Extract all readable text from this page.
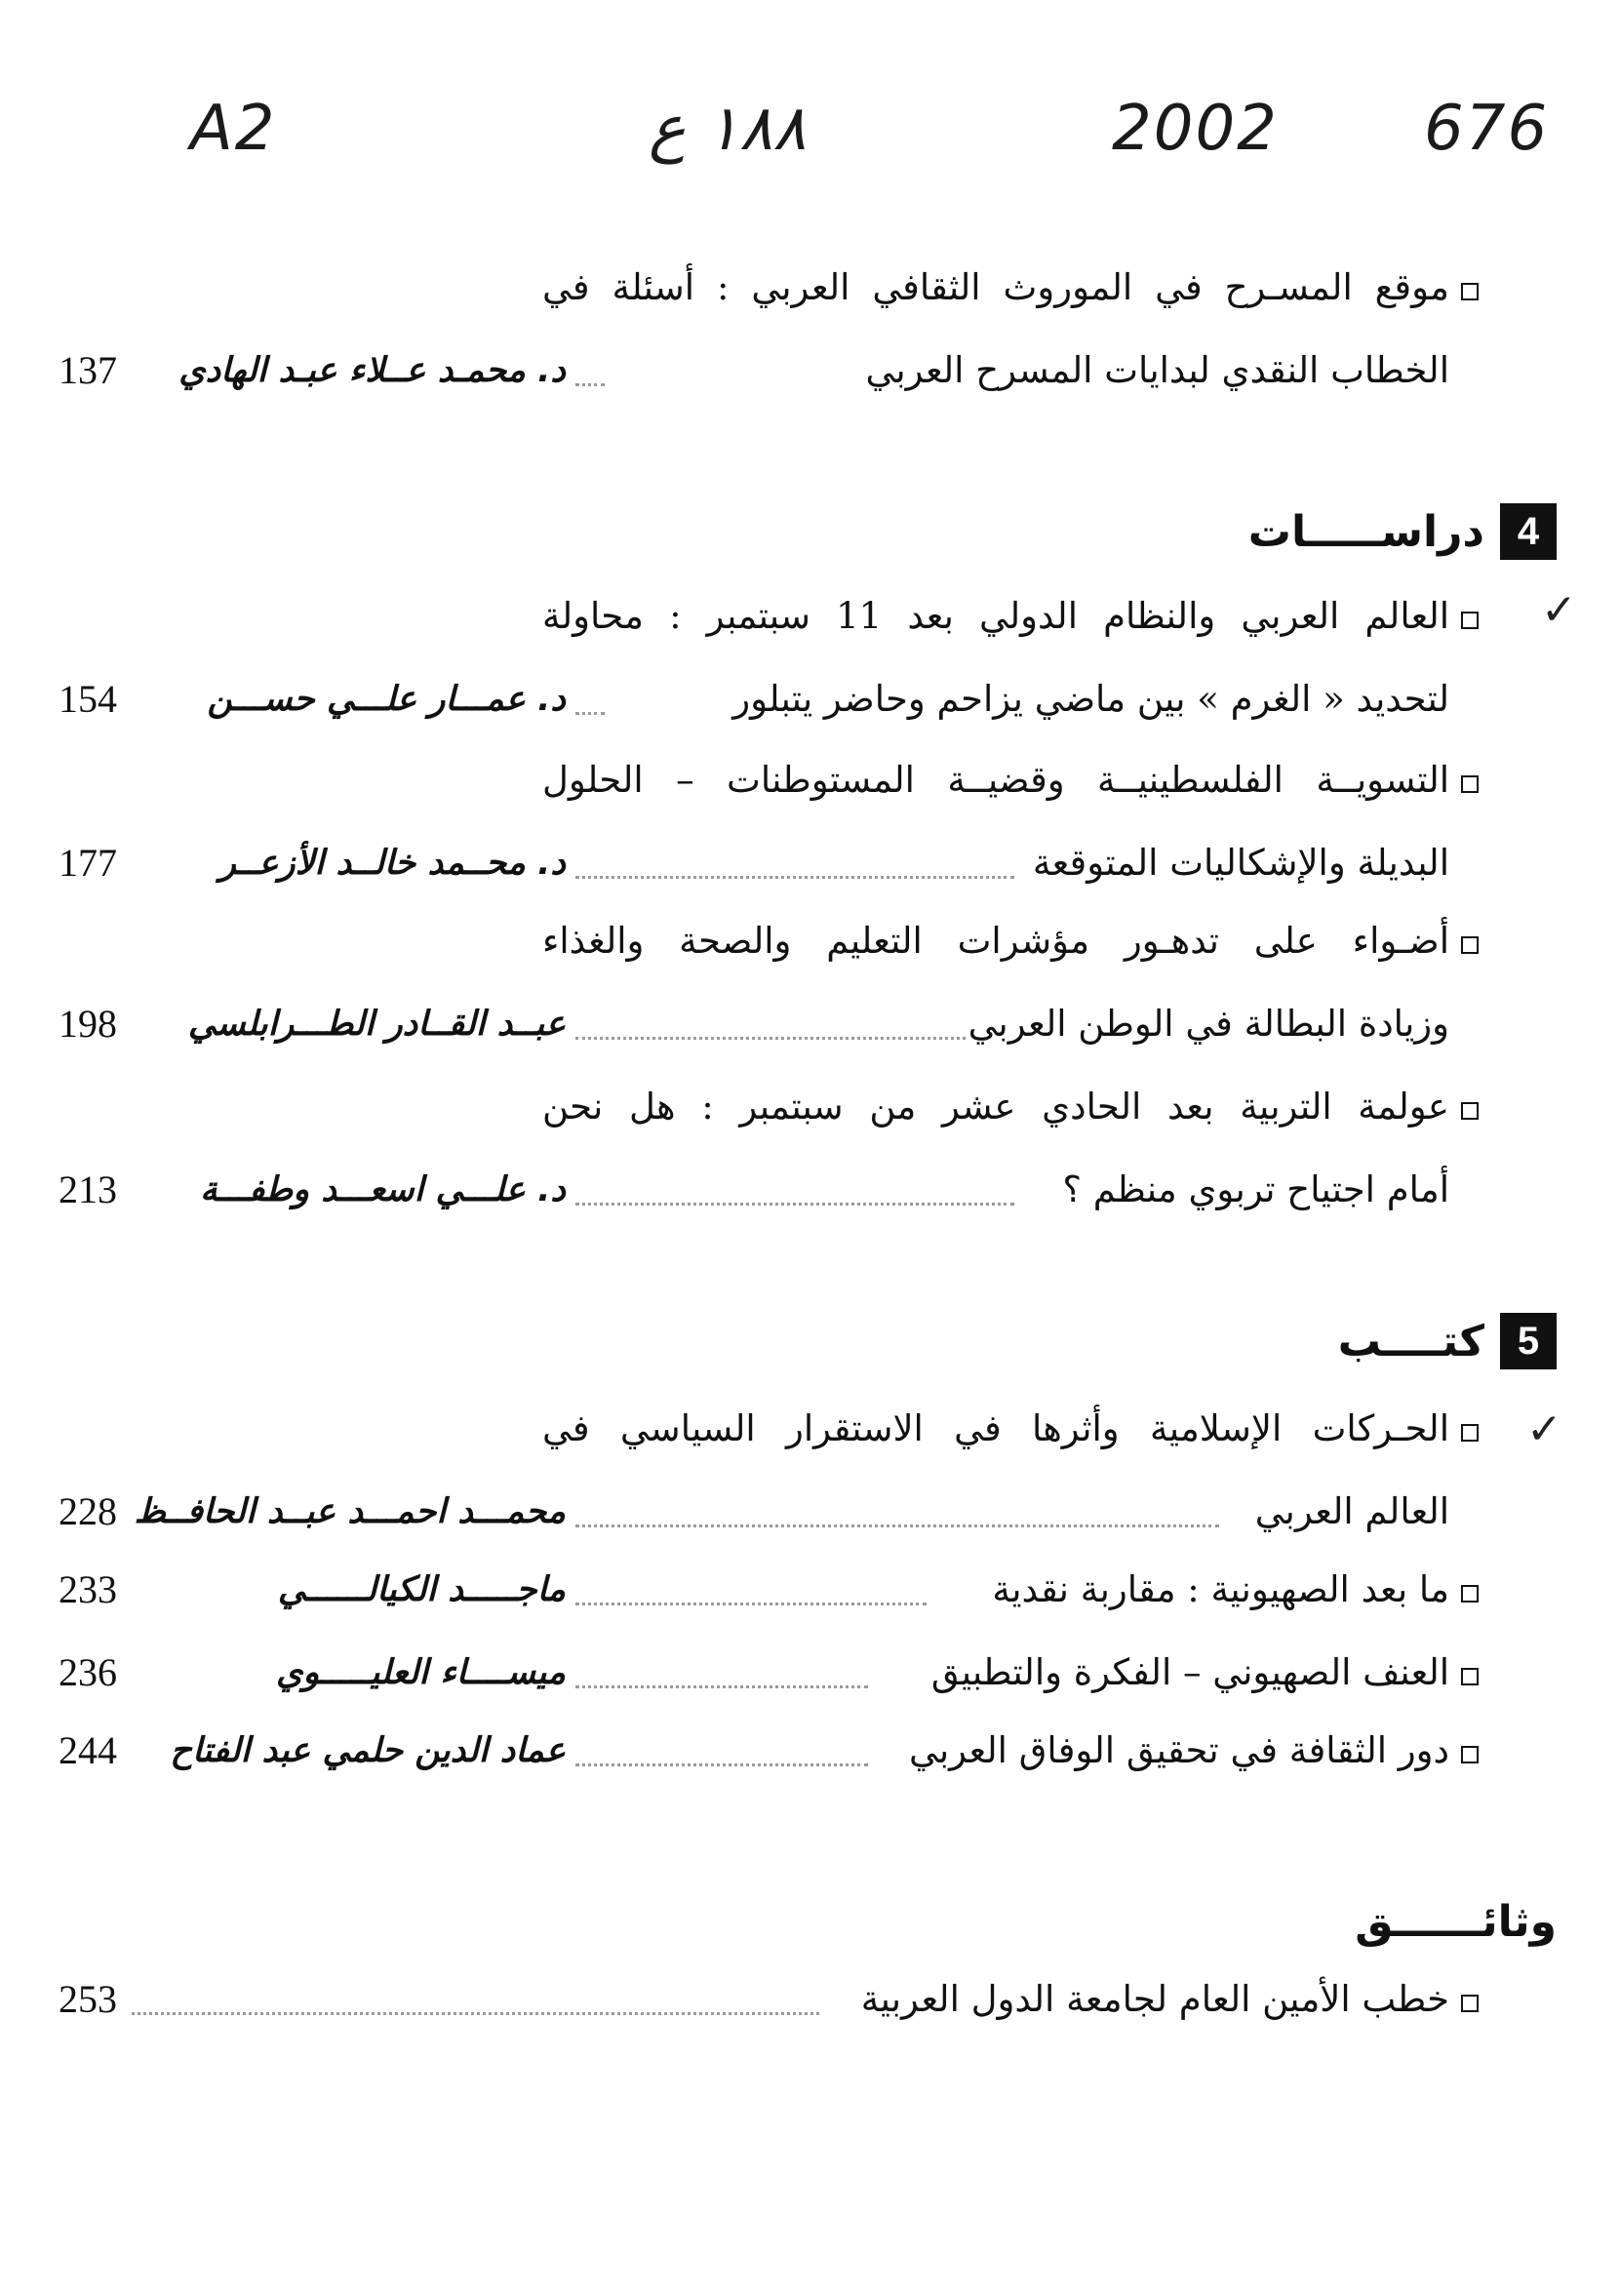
A2	١٨٨ ع	2002 676
موقع المسـرح في الموروث الثقافي العربي : أسئلة في
الخطاب النقدي لبدايات المسرح العربي
د. محمـد عــلاء عبـد الهادي
137
4
دراســـــات
✓
العالم العربي والنظام الدولي بعد 11 سبتمبر : محاولة
لتحديد « الغرم » بين ماضي يزاحم وحاضر يتبلور
د. عمـــار علـــي حســـن
154
التسويــة الفلسطينيــة وقضيــة المستوطنات – الحلول
البديلة والإشكاليات المتوقعة
د. محــمد خالــد الأزعــر
177
أضـواء على تدهـور مؤشرات التعليم والصحة والغذاء
وزيادة البطالة في الوطن العربي
عبــد القــادر الطـــرابلسي
198
عولمة التربية بعد الحادي عشر من سبتمبر : هل نحن
أمام اجتياح تربوي منظم ؟
د. علـــي اسعـــد وطفـــة
213
5
كتــــب
✓
الحـركات الإسلامية وأثرها في الاستقرار السياسي في
العالم العربي
محمـــد احمـــد عبــد الحافــظ
228
ما بعد الصهيونية : مقاربة نقدية
ماجـــــد الكيالــــــي
233
العنف الصهيوني – الفكرة والتطبيق
ميســــاء العليـــــوي
236
دور الثقافة في تحقيق الوفاق العربي
عماد الدين حلمي عبد الفتاح
244
وثائــــــق
خطب الأمين العام لجامعة الدول العربية
253
